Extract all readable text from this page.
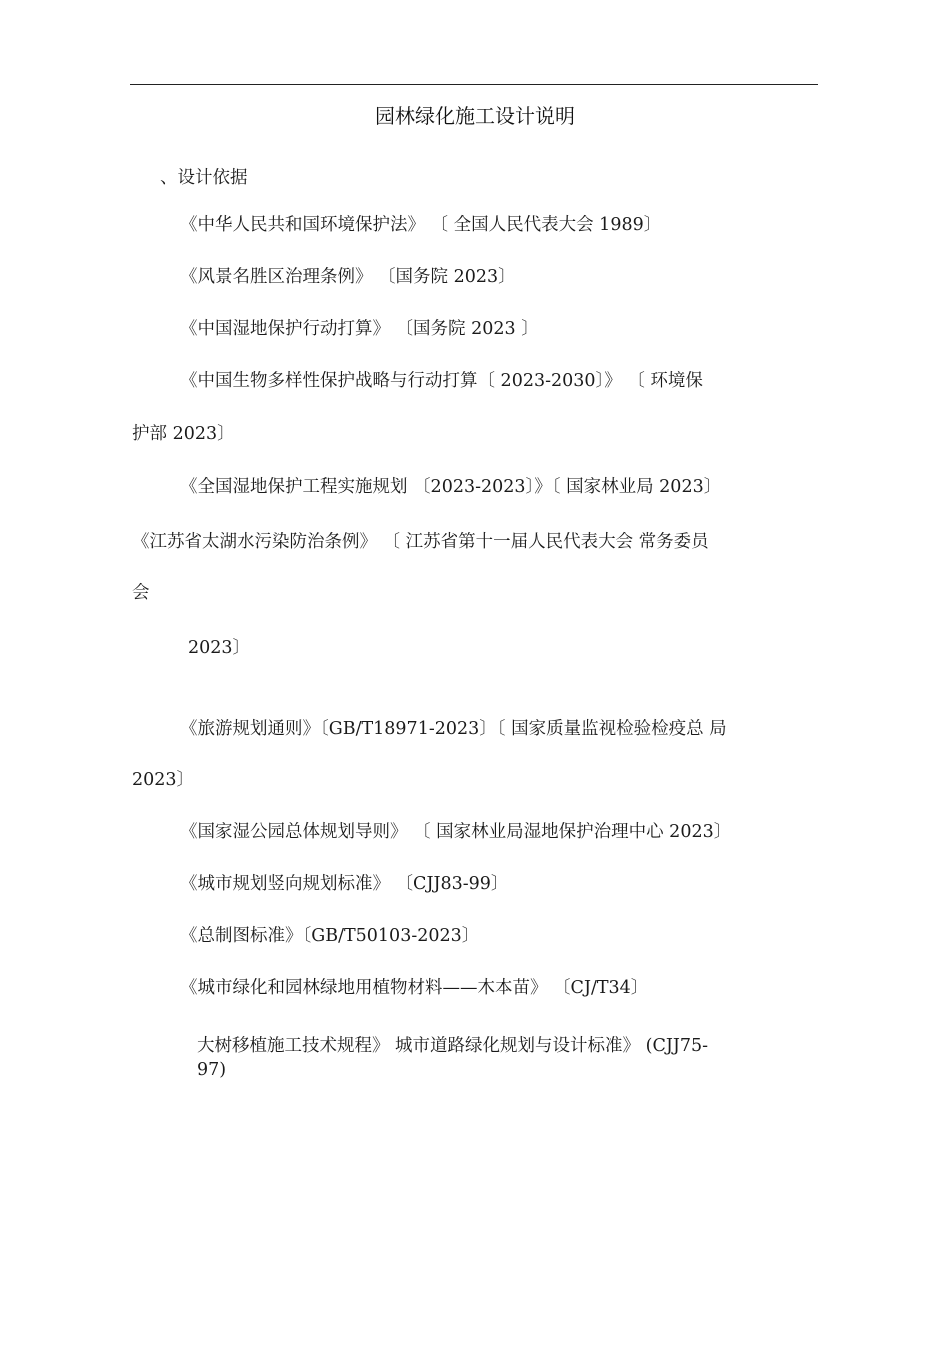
园林绿化施工设计说明
、设计依据
《中华人民共和国环境保护法》 〔 全国人民代表大会 1989〕
《风景名胜区治理条例》 〔国务院 2023〕
《中国湿地保护行动打算》 〔国务院 2023 〕
《中国生物多样性保护战略与行动打算〔 2023-2030〕》 〔 环境保
护部 2023〕
《全国湿地保护工程实施规划 〔2023-2023〕》〔 国家林业局 2023〕
《江苏省太湖水污染防治条例》 〔 江苏省第十一届人民代表大会 常务委员
会
2023〕
《旅游规划通则》〔GB/T18971-2023〕〔 国家质量监视检验检疫总 局
2023〕
《国家湿公园总体规划导则》 〔 国家林业局湿地保护治理中心 2023〕
《城市规划竖向规划标准》 〔CJJ83-99〕
《总制图标准》〔GB/T50103-2023〕
《城市绿化和园林绿地用植物材料——木本苗》 〔CJ/T34〕
大树移植施工技术规程》 城市道路绿化规划与设计标准》 (CJJ75-
97)
